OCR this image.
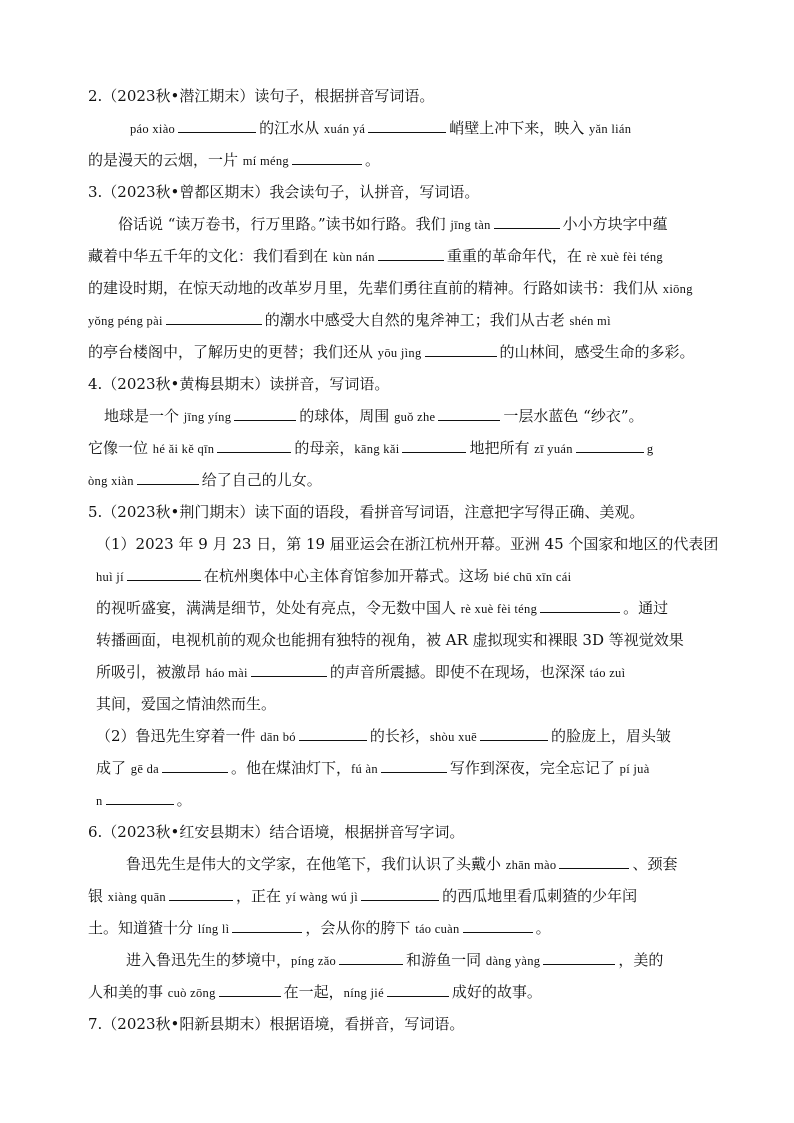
2.（2023秋•潜江期末）读句子，根据拼音写词语。
páo xiào	的江水从 xuán yá	峭壁上冲下来，映入 yǎn lián
的是漫天的云烟，一片 mí méng	。
3.（2023秋•曾都区期末）我会读句子，认拼音，写词语。
俗话说 “读万卷书，行万里路。”读书如行路。我们 jīng tàn	小小方块字中蕴
藏着中华五千年的文化：我们看到在 kùn nán	重重的革命年代，在 rè xuè fèi téng
的建设时期，在惊天动地的改革岁月里，先辈们勇往直前的精神。行路如读书：我们从 xiōng
yǒng péng pài	的潮水中感受大自然的鬼斧神工；我们从古老 shén mì
的亭台楼阁中，了解历史的更替；我们还从 yōu jìng	的山林间，感受生命的多彩。
4.（2023秋•黄梅县期末）读拼音，写词语。
地球是一个 jīng yíng	的球体，周围 guǒ zhe	一层水蓝色 “纱衣”。
它像一位 hé ǎi kě qīn	的母亲，kāng kǎi	地把所有 zī yuán	g
òng xiàn	给了自己的儿女。
5.（2023秋•荆门期末）读下面的语段，看拼音写词语，注意把字写得正确、美观。
（1）2023 年 9 月 23 日，第 19 届亚运会在浙江杭州开幕。亚洲 45 个国家和地区的代表团
huì jí	在杭州奥体中心主体育馆参加开幕式。这场 bié chū xīn cái
的视听盛宴，满满是细节，处处有亮点，令无数中国人 rè xuè fèi téng	。通过
转播画面，电视机前的观众也能拥有独特的视角，被 AR 虚拟现实和裸眼 3D 等视觉效果
所吸引，被激昂 háo mài	的声音所震撼。即使不在现场，也深深 táo zuì
其间，爱国之情油然而生。
（2）鲁迅先生穿着一件 dān bó	的长衫，shòu xuē	的脸庞上，眉头皱
成了 gē da	。他在煤油灯下，fú àn	写作到深夜，完全忘记了 pí juà
n	。
6.（2023秋•红安县期末）结合语境，根据拼音写字词。
鲁迅先生是伟大的文学家，在他笔下，我们认识了头戴小 zhān mào	、颈套
银 xiàng quān	，正在 yí wàng wú jì	的西瓜地里看瓜刺猹的少年闰
土。知道猹十分 líng lì	，会从你的胯下 táo cuàn	。
进入鲁迅先生的梦境中，píng zǎo	和游鱼一同 dàng yàng	，美的
人和美的事 cuò zōng	在一起，níng jié	成好的故事。
7.（2023秋•阳新县期末）根据语境，看拼音，写词语。
